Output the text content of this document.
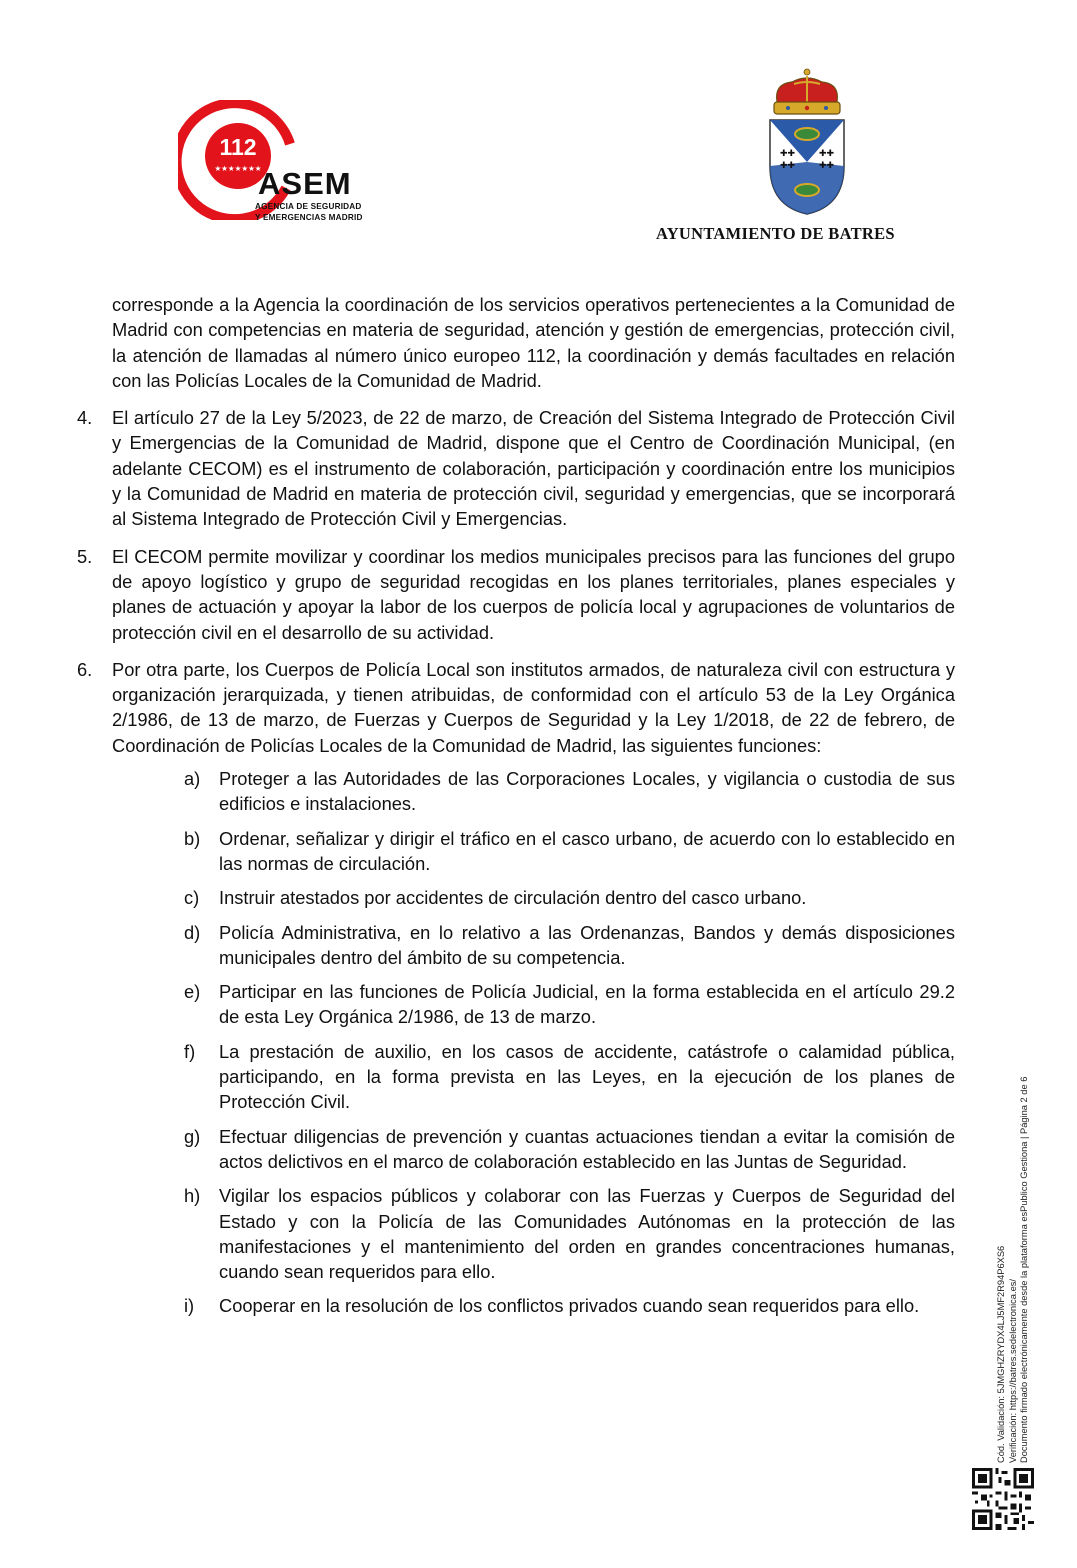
112
★★★★★★★
ASEM
AGENCIA DE SEGURIDAD
Y EMERGENCIAS MADRID
✚✚
✚✚
✚✚
✚✚
AYUNTAMIENTO DE BATRES

corresponde a la Agencia la coordinación de los servicios operativos pertenecientes a la Comunidad de Madrid con competencias en materia de seguridad, atención y gestión de emergencias, protección civil, la atención de llamadas al número único europeo 112, la coordinación y demás facultades en relación con las Policías Locales de la Comunidad de Madrid.

4.	El artículo 27 de la Ley 5/2023, de 22 de marzo, de Creación del Sistema Integrado de Protección Civil y Emergencias de la Comunidad de Madrid, dispone que el Centro de Coordinación Municipal, (en adelante CECOM) es el instrumento de colaboración, participación y coordinación entre los municipios y la Comunidad de Madrid en materia de protección civil, seguridad y emergencias, que se incorporará al Sistema Integrado de Protección Civil y Emergencias.
5.	El CECOM permite movilizar y coordinar los medios municipales precisos para las funciones del grupo de apoyo logístico y grupo de seguridad recogidas en los planes territoriales, planes especiales y planes de actuación y apoyar la labor de los cuerpos de policía local y agrupaciones de voluntarios de protección civil en el desarrollo de su actividad.
6.	Por otra parte, los Cuerpos de Policía Local son institutos armados, de naturaleza civil con estructura y organización jerarquizada, y tienen atribuidas, de conformidad con el artículo 53 de la Ley Orgánica 2/1986, de 13 de marzo, de Fuerzas y Cuerpos de Seguridad y la Ley 1/2018, de 22 de febrero, de Coordinación de Policías Locales de la Comunidad de Madrid, las siguientes funciones:
a)	Proteger a las Autoridades de las Corporaciones Locales, y vigilancia o custodia de sus edificios e instalaciones.
b)	Ordenar, señalizar y dirigir el tráfico en el casco urbano, de acuerdo con lo establecido en las normas de circulación.
c)	Instruir atestados por accidentes de circulación dentro del casco urbano.
d)	Policía Administrativa, en lo relativo a las Ordenanzas, Bandos y demás disposiciones municipales dentro del ámbito de su competencia.
e)	Participar en las funciones de Policía Judicial, en la forma establecida en el artículo 29.2 de esta Ley Orgánica 2/1986, de 13 de marzo.
f)	La prestación de auxilio, en los casos de accidente, catástrofe o calamidad pública, participando, en la forma prevista en las Leyes, en la ejecución de los planes de Protección Civil.
g)	Efectuar diligencias de prevención y cuantas actuaciones tiendan a evitar la comisión de actos delictivos en el marco de colaboración establecido en las Juntas de Seguridad.
h)	Vigilar los espacios públicos y colaborar con las Fuerzas y Cuerpos de Seguridad del Estado y con la Policía de las Comunidades Autónomas en la protección de las manifestaciones y el mantenimiento del orden en grandes concentraciones humanas, cuando sean requeridos para ello.
i)	Cooperar en la resolución de los conflictos privados cuando sean requeridos para ello.	Cód. Validación: 5JMGHZRYDX4LJ5MF2R94P6XS6 Verificación: https://batres.sedelectronica.es/ Documento firmado electrónicamente desde la plataforma esPublico Gestiona | Página 2 de 6
